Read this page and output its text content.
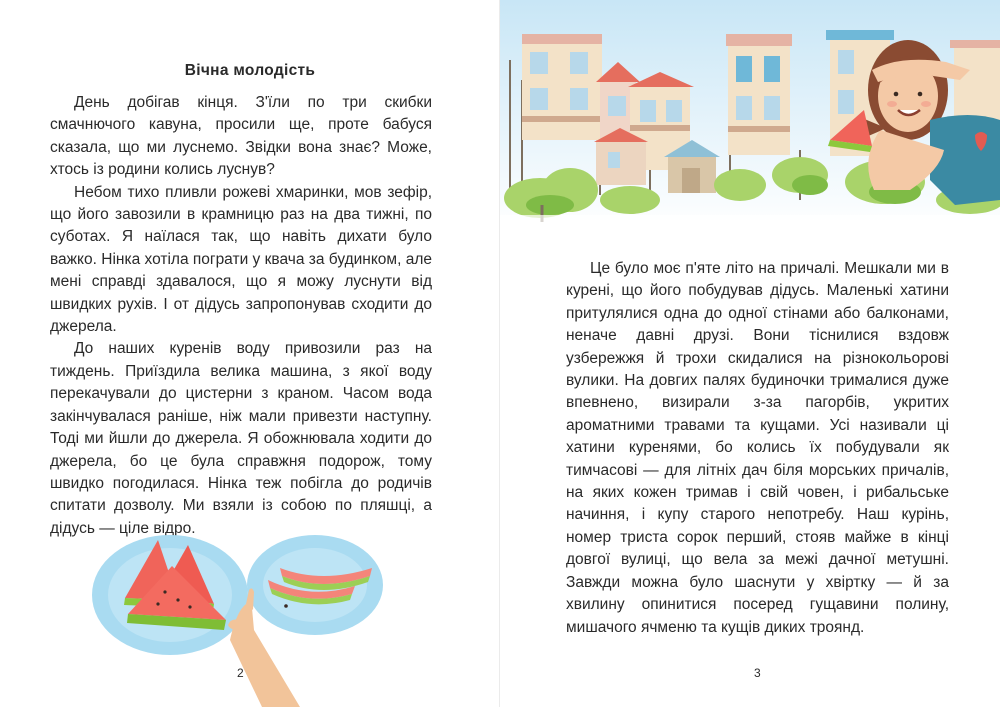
Вічна молодість

День добігав кінця. З'їли по три скибки смачнючого кавуна, просили ще, проте бабуся сказала, що ми луснемо. Звідки вона знає? Може, хтось із родини колись луснув?

Небом тихо пливли рожеві хмаринки, мов зефір, що його завозили в крамницю раз на два тижні, по суботах. Я наїлася так, що навіть дихати було важко. Нінка хотіла пограти у квача за будинком, але мені справді здавалося, що я можу луснути від швидких рухів. І от дідусь запропонував сходити до джерела.

До наших куренів воду привозили раз на тиждень. Приїздила велика машина, з якої воду перекачували до цистерни з краном. Часом вода закінчувалася раніше, ніж мали привезти наступну. Тоді ми йшли до джерела. Я обожнювала ходити до джерела, бо це була справжня подорож, тому швидко погодилася. Нінка теж побігла до родичів спитати дозволу. Ми взяли із собою по пляшці, а дідусь — ціле відро.

2

Це було моє п'яте літо на причалі. Мешкали ми в курені, що його побудував дідусь. Маленькі хатини притулялися одна до одної стінами або балконами, неначе давні друзі. Вони тіснилися вздовж узбережжя й трохи скидалися на різнокольорові вулики. На довгих палях будиночки трималися дуже впевнено, визирали з-за пагорбів, укритих ароматними травами та кущами. Усі називали ці хатини куренями, бо колись їх побудували як тимчасові — для літніх дач біля морських причалів, на яких кожен тримав і свій човен, і рибальське начиння, і купу старого непотребу. Наш курінь, номер триста сорок перший, стояв майже в кінці довгої вулиці, що вела за межі дачної метушні. Завжди можна було шаснути у хвіртку — й за хвилину опинитися посеред гущавини полину, мишачого ячменю та кущів диких троянд.

3
